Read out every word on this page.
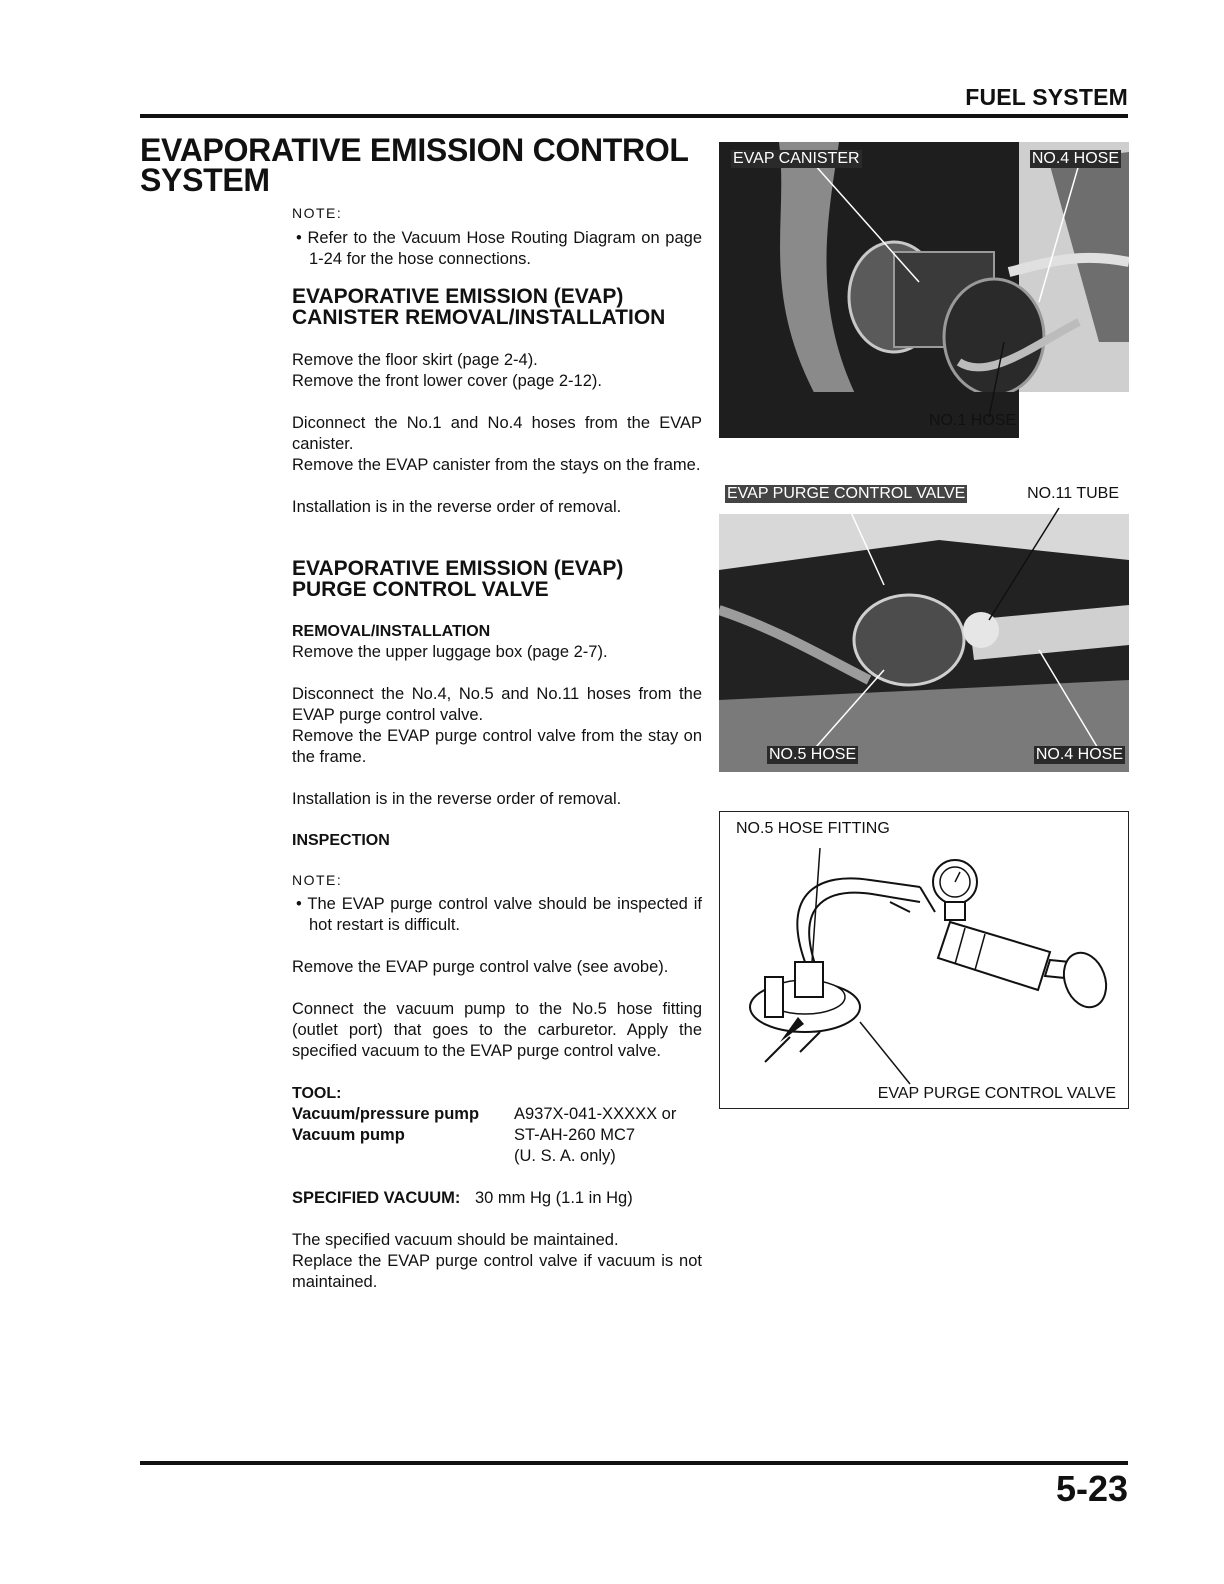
FUEL SYSTEM
EVAPORATIVE EMISSION CONTROL
SYSTEM

NOTE:

• Refer to the Vacuum Hose Routing Diagram on page 1-24 for the hose connections.

EVAPORATIVE EMISSION (EVAP)
CANISTER REMOVAL/INSTALLATION

Remove the floor skirt (page 2-4).

Remove the front lower cover (page 2-12).

Diconnect the No.1 and No.4 hoses from the EVAP canister.

Remove the EVAP canister from the stays on the frame.

Installation is in the reverse order of removal.

EVAPORATIVE EMISSION (EVAP)
PURGE CONTROL VALVE

REMOVAL/INSTALLATION

Remove the upper luggage box (page 2-7).

Disconnect the No.4, No.5 and No.11 hoses from the EVAP purge control valve.

Remove the EVAP purge control valve from the stay on the frame.

Installation is in the reverse order of removal.

INSPECTION

NOTE:

• The EVAP purge control valve should be inspected if hot restart is difficult.

Remove the EVAP purge control valve (see avobe).

Connect the vacuum pump to the No.5 hose fitting (outlet port) that goes to the carburetor. Apply the specified vacuum to the EVAP purge control valve.

TOOL:

Vacuum/pressure pump	A937X-041-XXXXX or
Vacuum pump	ST-AH-260 MC7
	(U. S. A. only)

SPECIFIED VACUUM: 30 mm Hg (1.1 in Hg)

The specified vacuum should be maintained.

Replace the EVAP purge control valve if vacuum is not maintained.

EVAP CANISTER	NO.4 HOSE
NO.1 HOSE
EVAP PURGE CONTROL VALVE	NO.11 TUBE
NO.5 HOSE	NO.4 HOSE
NO.5 HOSE FITTING
EVAP PURGE CONTROL VALVE
5-23
